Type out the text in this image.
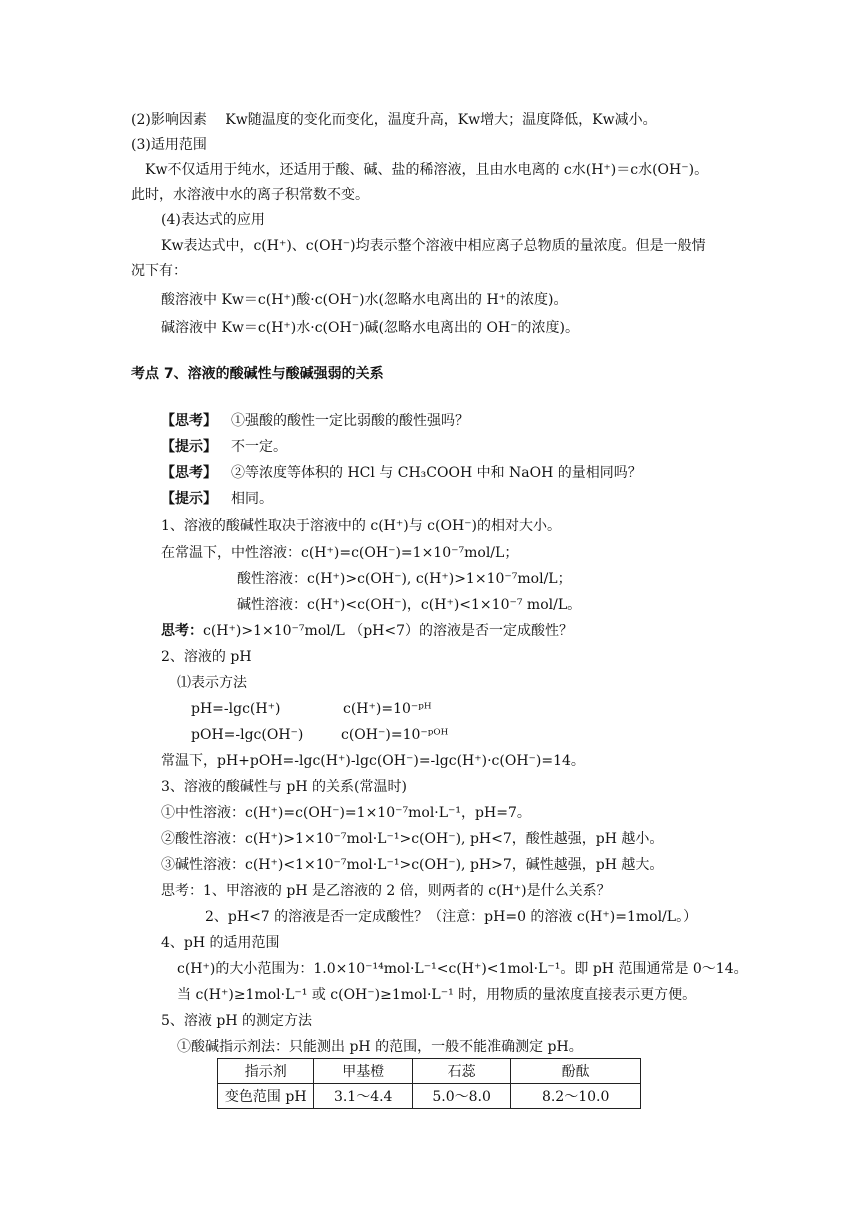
(2)影响因素　 Kw随温度的变化而变化，温度升高，Kw增大；温度降低，Kw减小。
(3)适用范围
Kw不仅适用于纯水，还适用于酸、碱、盐的稀溶液，且由水电离的 c水(H⁺)＝c水(OH⁻)。
此时，水溶液中水的离子积常数不变。
(4)表达式的应用
Kw表达式中，c(H⁺)、c(OH⁻)均表示整个溶液中相应离子总物质的量浓度。但是一般情
况下有：
酸溶液中 Kw＝c(H⁺)酸·c(OH⁻)水(忽略水电离出的 H⁺的浓度)。
碱溶液中 Kw＝c(H⁺)水·c(OH⁻)碱(忽略水电离出的 OH⁻的浓度)。
考点 7、溶液的酸碱性与酸碱强弱的关系
【思考】 ①强酸的酸性一定比弱酸的酸性强吗？
【提示】 不一定。
【思考】 ②等浓度等体积的 HCl 与 CH₃COOH 中和 NaOH 的量相同吗？
【提示】 相同。
1、溶液的酸碱性取决于溶液中的 c(H⁺)与 c(OH⁻)的相对大小。
在常温下，中性溶液：c(H⁺)=c(OH⁻)=1×10⁻⁷mol/L；
酸性溶液：c(H⁺)>c(OH⁻), c(H⁺)>1×10⁻⁷mol/L；
碱性溶液：c(H⁺)<c(OH⁻)，c(H⁺)<1×10⁻⁷ mol/L。
思考：c(H⁺)>1×10⁻⁷mol/L （pH<7）的溶液是否一定成酸性？
2、溶液的 pH
⑴表示方法
pH=-lgc(H⁺)	c(H⁺)=10⁻ᵖᴴ
pOH=-lgc(OH⁻)	c(OH⁻)=10⁻ᵖᴼᴴ
常温下，pH+pOH=-lgc(H⁺)-lgc(OH⁻)=-lgc(H⁺)·c(OH⁻)=14。
3、溶液的酸碱性与 pH 的关系(常温时)
①中性溶液：c(H⁺)=c(OH⁻)=1×10⁻⁷mol·L⁻¹，pH=7。
②酸性溶液：c(H⁺)>1×10⁻⁷mol·L⁻¹>c(OH⁻), pH<7，酸性越强，pH 越小。
③碱性溶液：c(H⁺)<1×10⁻⁷mol·L⁻¹>c(OH⁻), pH>7，碱性越强，pH 越大。
思考：1、甲溶液的 pH 是乙溶液的 2 倍，则两者的 c(H⁺)是什么关系？
2、pH<7 的溶液是否一定成酸性？（注意：pH=0 的溶液 c(H⁺)=1mol/L。）
4、pH 的适用范围
c(H⁺)的大小范围为：1.0×10⁻¹⁴mol·L⁻¹<c(H⁺)<1mol·L⁻¹。即 pH 范围通常是 0～14。
当 c(H⁺)≥1mol·L⁻¹ 或 c(OH⁻)≥1mol·L⁻¹ 时，用物质的量浓度直接表示更方便。
5、溶液 pH 的测定方法
①酸碱指示剂法：只能测出 pH 的范围，一般不能准确测定 pH。
指示剂	甲基橙	石蕊	酚酞
变色范围 pH	3.1～4.4	5.0～8.0	8.2～10.0
